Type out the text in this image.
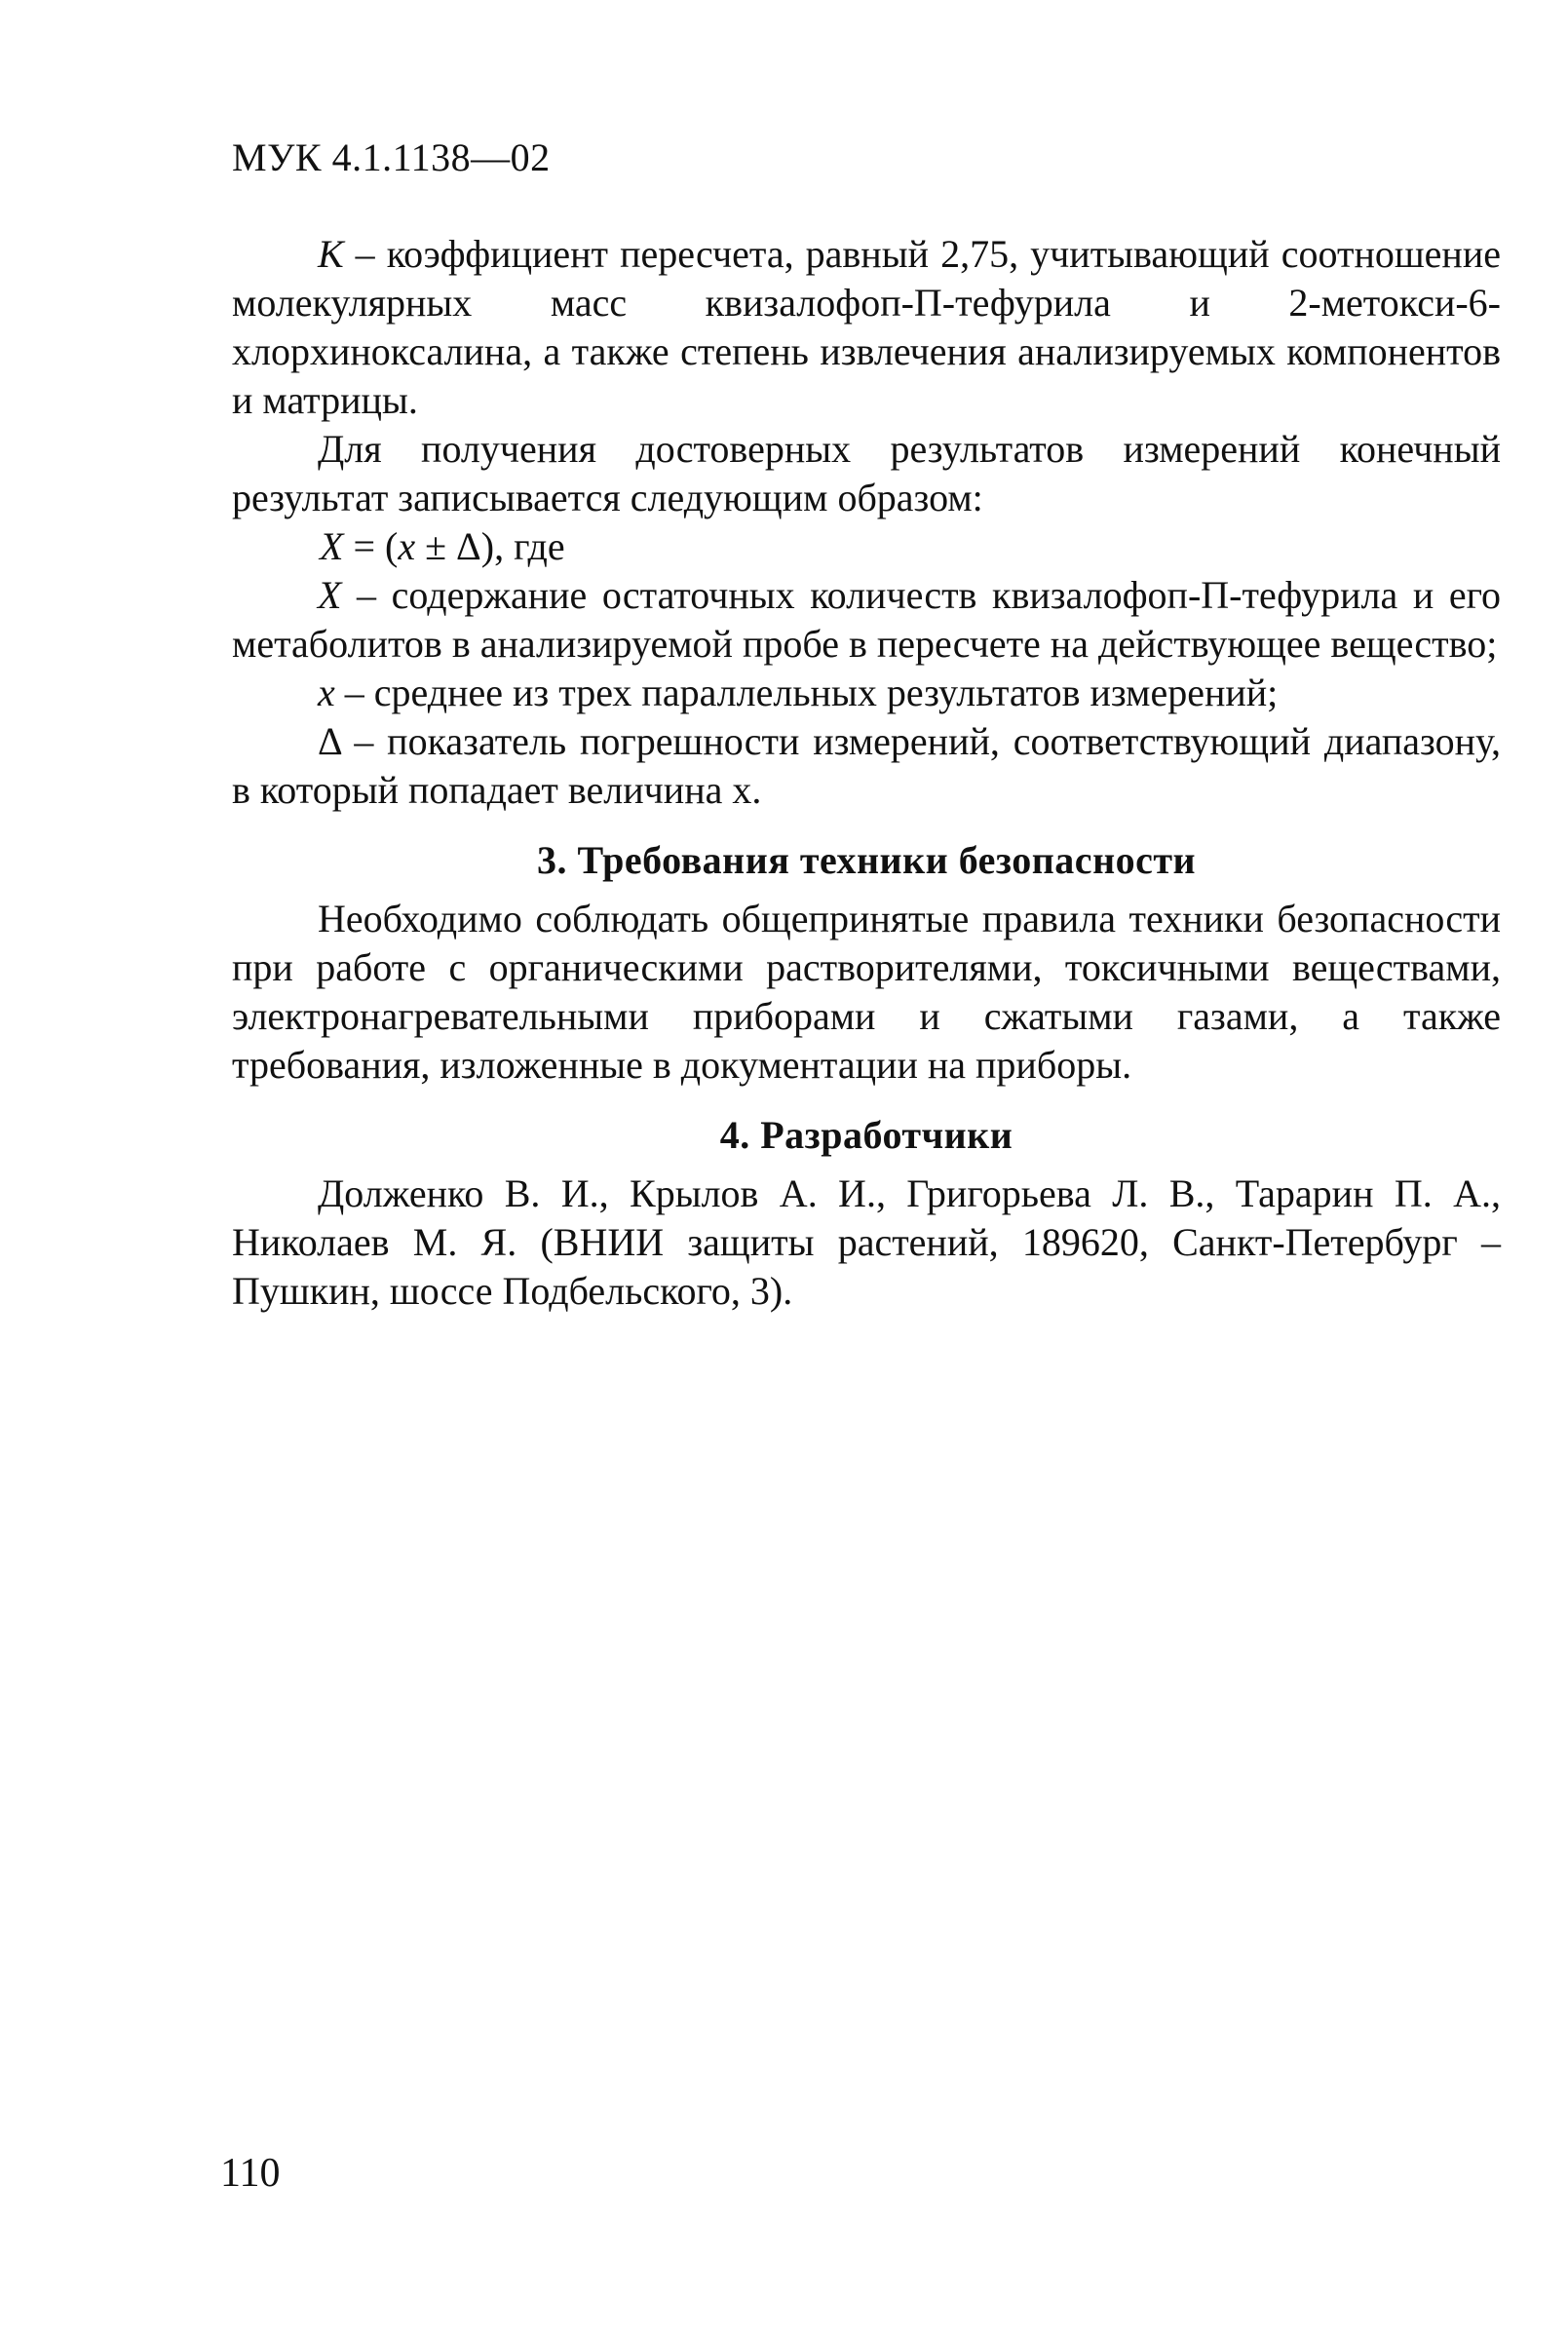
МУК 4.1.1138—02

К – коэффициент пересчета, равный 2,75, учитывающий соотношение молекулярных масс квизалофоп-П-тефурила и 2-метокси-6-хлорхиноксалина, а также степень извлечения анализируемых компонентов и матрицы.

Для получения достоверных результатов измерений конечный результат записывается следующим образом:

Х = (х ± Δ), где

Х – содержание остаточных количеств квизалофоп-П-тефурила и его метаболитов в анализируемой пробе в пересчете на действующее вещество;

х – среднее из трех параллельных результатов измерений;

Δ – показатель погрешности измерений, соответствующий диапазону, в который попадает величина х.

3. Требования техники безопасности

Необходимо соблюдать общепринятые правила техники безопасности при работе с органическими растворителями, токсичными веществами, электронагревательными приборами и сжатыми газами, а также требования, изложенные в документации на приборы.

4. Разработчики

Долженко В. И., Крылов А. И., Григорьева Л. В., Тарарин П. А., Николаев М. Я. (ВНИИ защиты растений, 189620, Санкт-Петербург – Пушкин, шоссе Подбельского, 3).

110
